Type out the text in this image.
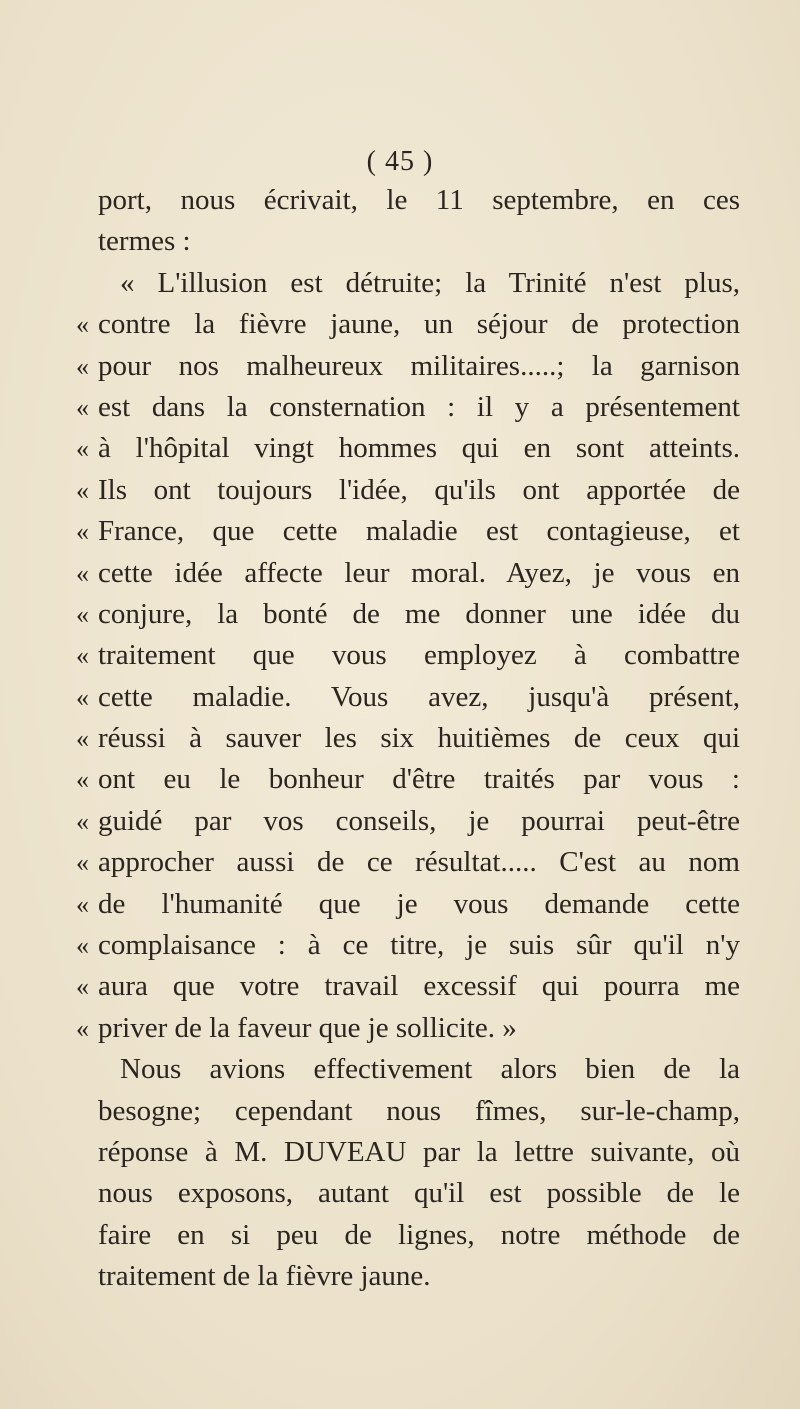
( 45 )
port, nous écrivait, le 11 septembre, en ces
termes :
« L'illusion est détruite; la Trinité n'est plus,
« contre la fièvre jaune, un séjour de protection
« pour nos malheureux militaires.....; la garnison
« est dans la consternation : il y a présentement
« à l'hôpital vingt hommes qui en sont atteints.
« Ils ont toujours l'idée, qu'ils ont apportée de
« France, que cette maladie est contagieuse, et
« cette idée affecte leur moral. Ayez, je vous en
« conjure, la bonté de me donner une idée du
« traitement que vous employez à combattre
« cette maladie. Vous avez, jusqu'à présent,
« réussi à sauver les six huitièmes de ceux qui
« ont eu le bonheur d'être traités par vous :
« guidé par vos conseils, je pourrai peut-être
« approcher aussi de ce résultat..... C'est au nom
« de l'humanité que je vous demande cette
« complaisance : à ce titre, je suis sûr qu'il n'y
« aura que votre travail excessif qui pourra me
« priver de la faveur que je sollicite. »
Nous avions effectivement alors bien de la
besogne; cependant nous fîmes, sur-le-champ,
réponse à M. DUVEAU par la lettre suivante, où
nous exposons, autant qu'il est possible de le
faire en si peu de lignes, notre méthode de
traitement de la fièvre jaune.
